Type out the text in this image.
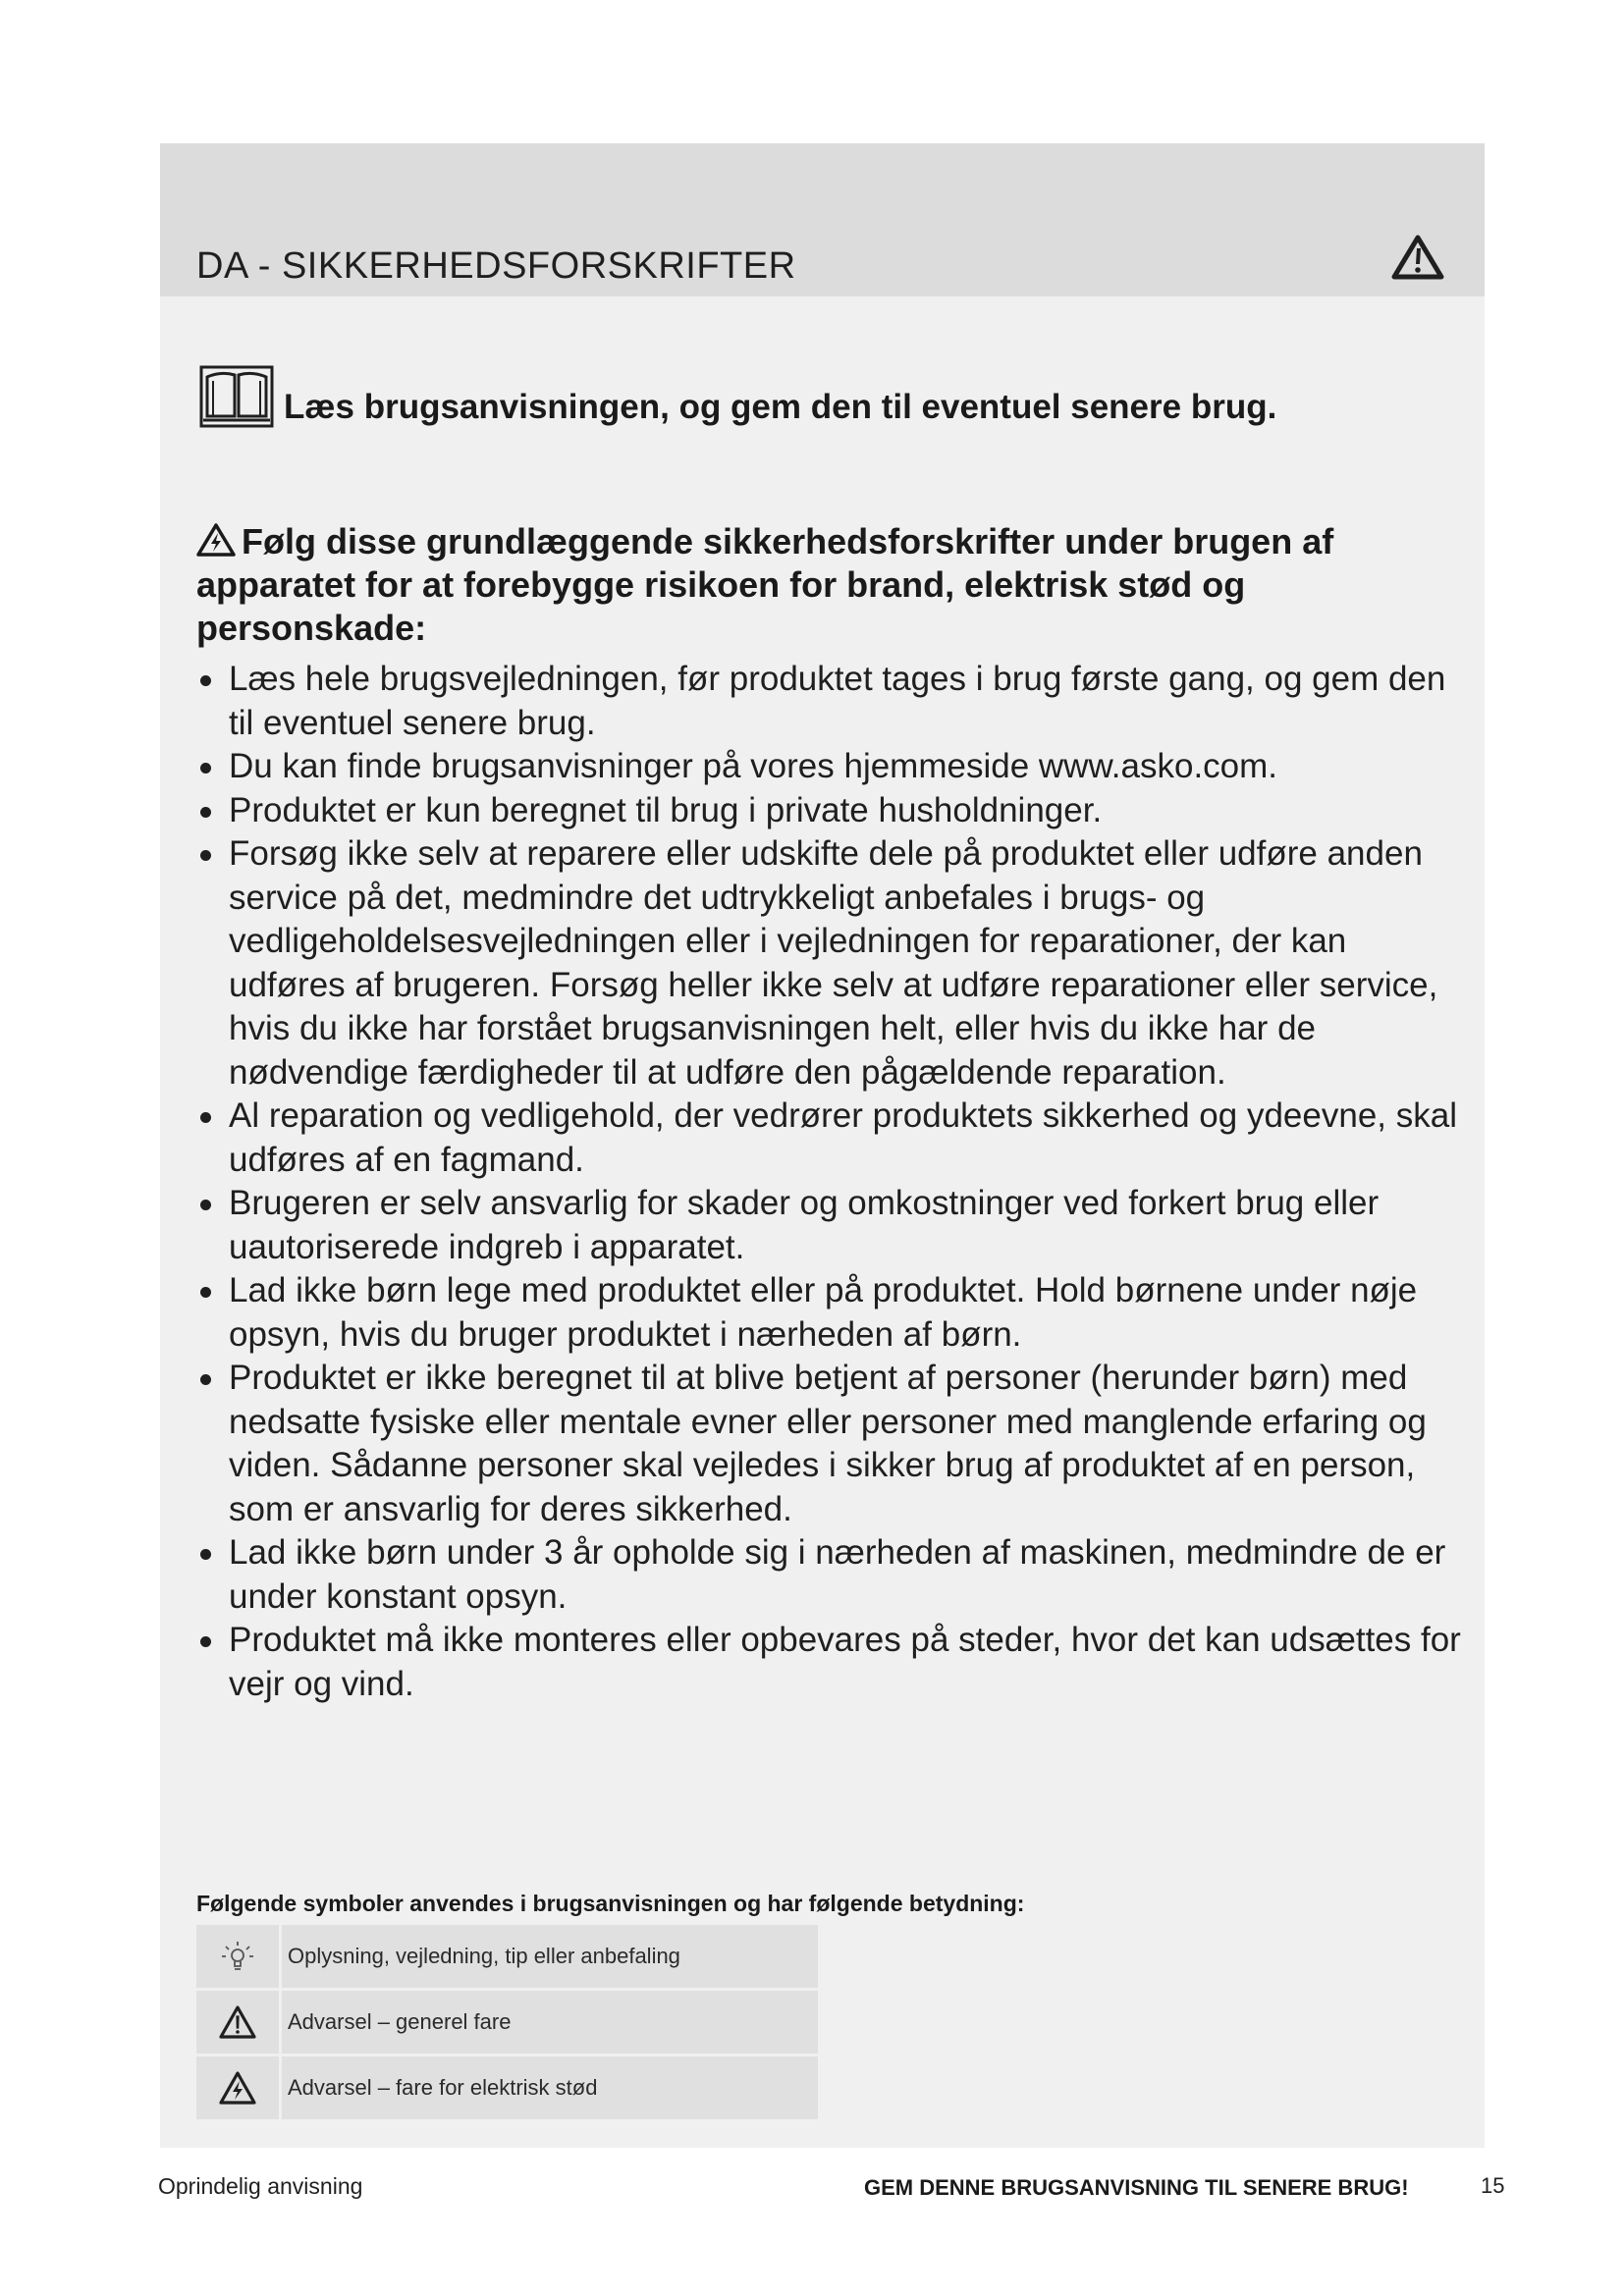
DA - SIKKERHEDSFORSKRIFTER
Læs brugsanvisningen, og gem den til eventuel senere brug.
Følg disse grundlæggende sikkerhedsforskrifter under brugen af apparatet for at forebygge risikoen for brand, elektrisk stød og personskade:
Læs hele brugsvejledningen, før produktet tages i brug første gang, og gem den til eventuel senere brug.
Du kan finde brugsanvisninger på vores hjemmeside www.asko.com.
Produktet er kun beregnet til brug i private husholdninger.
Forsøg ikke selv at reparere eller udskifte dele på produktet eller udføre anden service på det, medmindre det udtrykkeligt anbefales i brugs- og vedligeholdelsesvejledningen eller i vejledningen for reparationer, der kan udføres af brugeren. Forsøg heller ikke selv at udføre reparationer eller service, hvis du ikke har forstået brugsanvisningen helt, eller hvis du ikke har de nødvendige færdigheder til at udføre den pågældende reparation.
Al reparation og vedligehold, der vedrører produktets sikkerhed og ydeevne, skal udføres af en fagmand.
Brugeren er selv ansvarlig for skader og omkostninger ved forkert brug eller uautoriserede indgreb i apparatet.
Lad ikke børn lege med produktet eller på produktet. Hold børnene under nøje opsyn, hvis du bruger produktet i nærheden af børn.
Produktet er ikke beregnet til at blive betjent af personer (herunder børn) med nedsatte fysiske eller mentale evner eller personer med manglende erfaring og viden. Sådanne personer skal vejledes i sikker brug af produktet af en person, som er ansvarlig for deres sikkerhed.
Lad ikke børn under 3 år opholde sig i nærheden af maskinen, medmindre de er under konstant opsyn.
Produktet må ikke monteres eller opbevares på steder, hvor det kan udsættes for vejr og vind.
Følgende symboler anvendes i brugsanvisningen og har følgende betydning:
Oplysning, vejledning, tip eller anbefaling
Advarsel – generel fare
Advarsel – fare for elektrisk stød
Oprindelig anvisning	GEM DENNE BRUGSANVISNING TIL SENERE BRUG!	15
